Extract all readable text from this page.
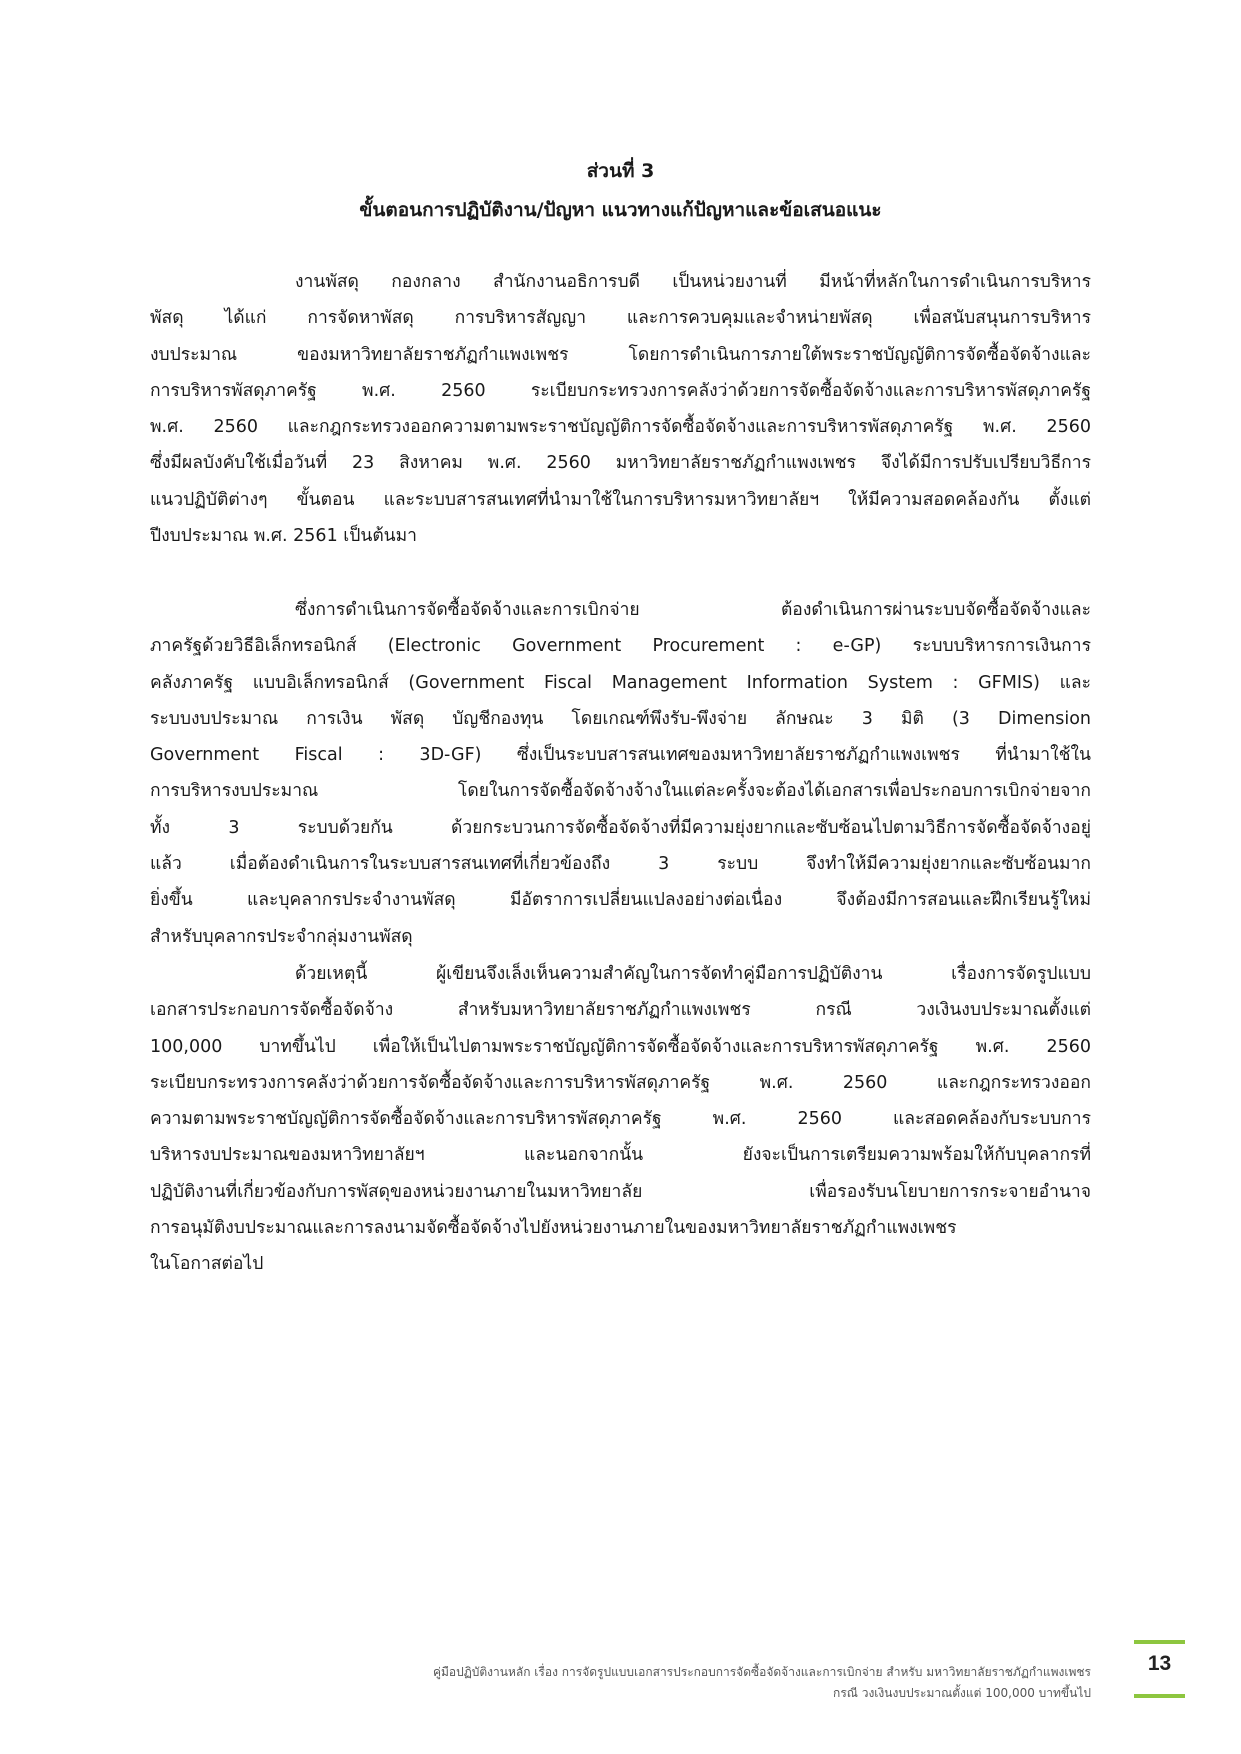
ส่วนที่ 3
ขั้นตอนการปฏิบัติงาน/ปัญหา แนวทางแก้ปัญหาและข้อเสนอแนะ
งานพัสดุ กองกลาง สำนักงานอธิการบดี เป็นหน่วยงานที่ มีหน้าที่หลักในการดำเนินการบริหาร
พัสดุ ได้แก่ การจัดหาพัสดุ การบริหารสัญญา และการควบคุมและจำหน่ายพัสดุ เพื่อสนับสนุนการบริหาร
งบประมาณ ของมหาวิทยาลัยราชภัฏกำแพงเพชร โดยการดำเนินการภายใต้พระราชบัญญัติการจัดซื้อจัดจ้างและ
การบริหารพัสดุภาครัฐ พ.ศ. 2560 ระเบียบกระทรวงการคลังว่าด้วยการจัดซื้อจัดจ้างและการบริหารพัสดุภาครัฐ
พ.ศ. 2560 และกฎกระทรวงออกความตามพระราชบัญญัติการจัดซื้อจัดจ้างและการบริหารพัสดุภาครัฐ พ.ศ. 2560
ซึ่งมีผลบังคับใช้เมื่อวันที่ 23 สิงหาคม พ.ศ. 2560 มหาวิทยาลัยราชภัฏกำแพงเพชร จึงได้มีการปรับเปรียบวิธีการ
แนวปฏิบัติต่างๆ ขั้นตอน และระบบสารสนเทศที่นำมาใช้ในการบริหารมหาวิทยาลัยฯ ให้มีความสอดคล้องกัน ตั้งแต่
ปีงบประมาณ พ.ศ. 2561 เป็นต้นมา
ซึ่งการดำเนินการจัดซื้อจัดจ้างและการเบิกจ่าย ต้องดำเนินการผ่านระบบจัดซื้อจัดจ้างและ
ภาครัฐด้วยวิธีอิเล็กทรอนิกส์ (Electronic Government Procurement : e-GP) ระบบบริหารการเงินการ
คลังภาครัฐ แบบอิเล็กทรอนิกส์ (Government Fiscal Management Information System : GFMIS) และ
ระบบงบประมาณ การเงิน พัสดุ บัญชีกองทุน โดยเกณฑ์พึงรับ-พึงจ่าย ลักษณะ 3 มิติ (3 Dimension
Government Fiscal : 3D-GF) ซึ่งเป็นระบบสารสนเทศของมหาวิทยาลัยราชภัฏกำแพงเพชร ที่นำมาใช้ใน
การบริหารงบประมาณ โดยในการจัดซื้อจัดจ้างจ้างในแต่ละครั้งจะต้องได้เอกสารเพื่อประกอบการเบิกจ่ายจาก
ทั้ง 3 ระบบด้วยกัน ด้วยกระบวนการจัดซื้อจัดจ้างที่มีความยุ่งยากและซับซ้อนไปตามวิธีการจัดซื้อจัดจ้างอยู่
แล้ว เมื่อต้องดำเนินการในระบบสารสนเทศที่เกี่ยวข้องถึง 3 ระบบ จึงทำให้มีความยุ่งยากและซับซ้อนมาก
ยิ่งขึ้น และบุคลากรประจำงานพัสดุ มีอัตราการเปลี่ยนแปลงอย่างต่อเนื่อง จึงต้องมีการสอนและฝึกเรียนรู้ใหม่
สำหรับบุคลากรประจำกลุ่มงานพัสดุ
ด้วยเหตุนี้ ผู้เขียนจึงเล็งเห็นความสำคัญในการจัดทำคู่มือการปฏิบัติงาน เรื่องการจัดรูปแบบ
เอกสารประกอบการจัดซื้อจัดจ้าง สำหรับมหาวิทยาลัยราชภัฏกำแพงเพชร กรณี วงเงินงบประมาณตั้งแต่
100,000 บาทขึ้นไป เพื่อให้เป็นไปตามพระราชบัญญัติการจัดซื้อจัดจ้างและการบริหารพัสดุภาครัฐ พ.ศ. 2560
ระเบียบกระทรวงการคลังว่าด้วยการจัดซื้อจัดจ้างและการบริหารพัสดุภาครัฐ พ.ศ. 2560 และกฎกระทรวงออก
ความตามพระราชบัญญัติการจัดซื้อจัดจ้างและการบริหารพัสดุภาครัฐ พ.ศ. 2560 และสอดคล้องกับระบบการ
บริหารงบประมาณของมหาวิทยาลัยฯ และนอกจากนั้น ยังจะเป็นการเตรียมความพร้อมให้กับบุคลากรที่
ปฏิบัติงานที่เกี่ยวข้องกับการพัสดุของหน่วยงานภายในมหาวิทยาลัย เพื่อรองรับนโยบายการกระจายอำนาจ
การอนุมัติงบประมาณและการลงนามจัดซื้อจัดจ้างไปยังหน่วยงานภายในของมหาวิทยาลัยราชภัฏกำแพงเพชร
ในโอกาสต่อไป
คู่มือปฏิบัติงานหลัก เรื่อง การจัดรูปแบบเอกสารประกอบการจัดซื้อจัดจ้างและการเบิกจ่าย สำหรับ มหาวิทยาลัยราชภัฏกำแพงเพชร
กรณี วงเงินงบประมาณตั้งแต่ 100,000 บาทขึ้นไป
13
